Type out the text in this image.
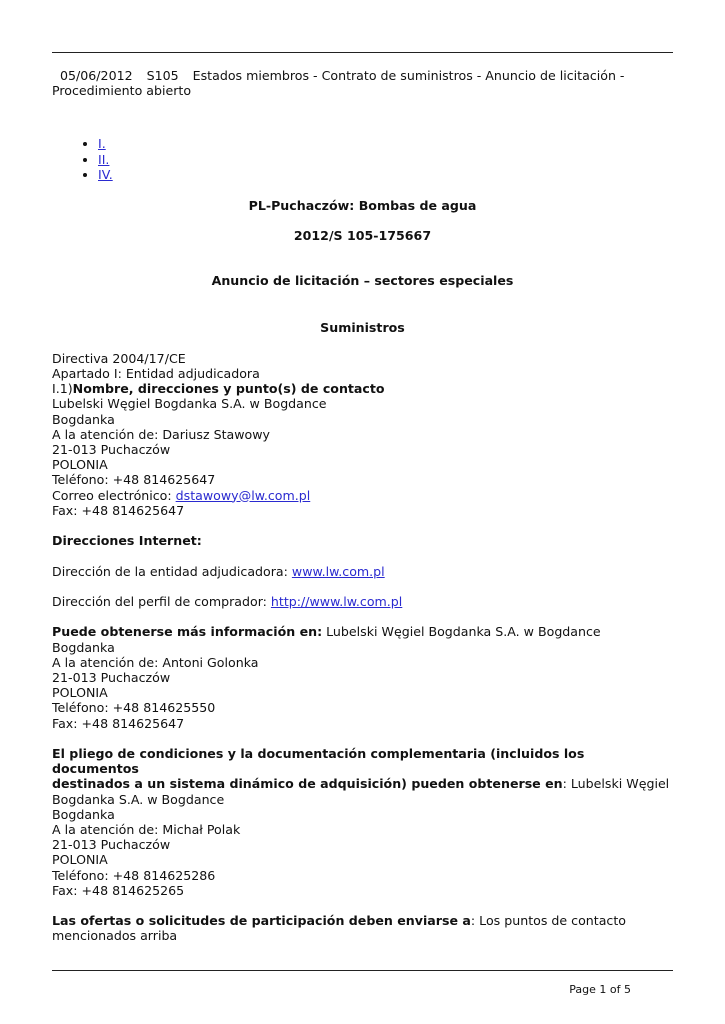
05/06/2012 S105 Estados miembros - Contrato de suministros - Anuncio de licitación -
Procedimiento abierto

• I.
• II.
• IV.

PL-Puchaczów: Bombas de agua

2012/S 105-175667

Anuncio de licitación – sectores especiales

Suministros

Directiva 2004/17/CE
Apartado I: Entidad adjudicadora
I.1)Nombre, direcciones y punto(s) de contacto
Lubelski Węgiel Bogdanka S.A. w Bogdance
Bogdanka
A la atención de: Dariusz Stawowy
21-013 Puchaczów
POLONIA
Teléfono: +48 814625647
Correo electrónico: dstawowy@lw.com.pl
Fax: +48 814625647

Direcciones Internet:

Dirección de la entidad adjudicadora: www.lw.com.pl

Dirección del perfil de comprador: http://www.lw.com.pl

Puede obtenerse más información en: Lubelski Węgiel Bogdanka S.A. w Bogdance
Bogdanka
A la atención de: Antoni Golonka
21-013 Puchaczów
POLONIA
Teléfono: +48 814625550
Fax: +48 814625647

El pliego de condiciones y la documentación complementaria (incluidos los documentos
destinados a un sistema dinámico de adquisición) pueden obtenerse en: Lubelski Węgiel
Bogdanka S.A. w Bogdance
Bogdanka
A la atención de: Michał Polak
21-013 Puchaczów
POLONIA
Teléfono: +48 814625286
Fax: +48 814625265

Las ofertas o solicitudes de participación deben enviarse a: Los puntos de contacto
mencionados arriba

Page 1 of 5
